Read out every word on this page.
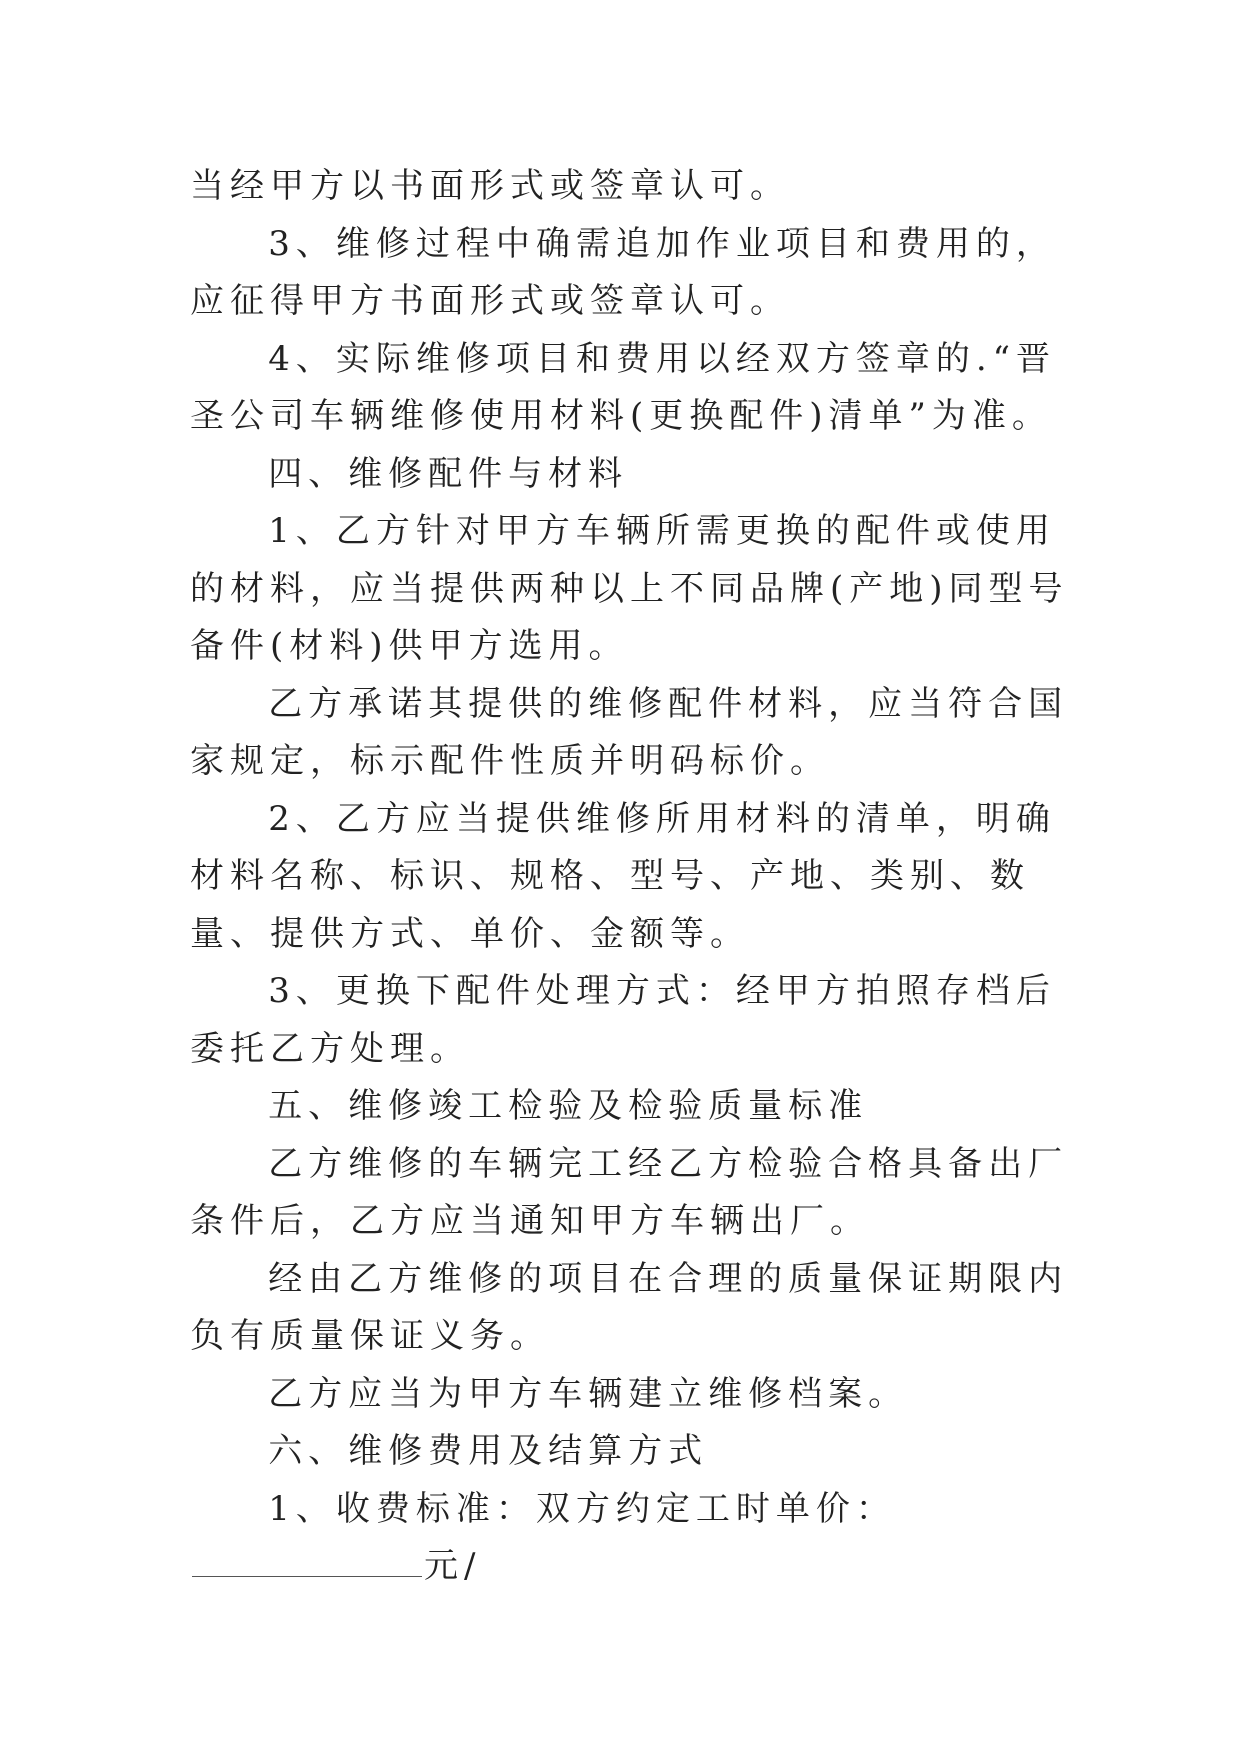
当经甲方以书面形式或签章认可。

3、维修过程中确需追加作业项目和费用的，应征得甲方书面形式或签章认可。

4、实际维修项目和费用以经双方签章的.“晋圣公司车辆维修使用材料(更换配件)清单”为准。

四、维修配件与材料

1、乙方针对甲方车辆所需更换的配件或使用的材料，应当提供两种以上不同品牌(产地)同型号备件(材料)供甲方选用。

乙方承诺其提供的维修配件材料，应当符合国家规定，标示配件性质并明码标价。

2、乙方应当提供维修所用材料的清单，明确材料名称、标识、规格、型号、产地、类别、数量、提供方式、单价、金额等。

3、更换下配件处理方式：经甲方拍照存档后委托乙方处理。

五、维修竣工检验及检验质量标准

乙方维修的车辆完工经乙方检验合格具备出厂条件后，乙方应当通知甲方车辆出厂。

经由乙方维修的项目在合理的质量保证期限内负有质量保证义务。

乙方应当为甲方车辆建立维修档案。

六、维修费用及结算方式

1、收费标准：双方约定工时单价：元/
